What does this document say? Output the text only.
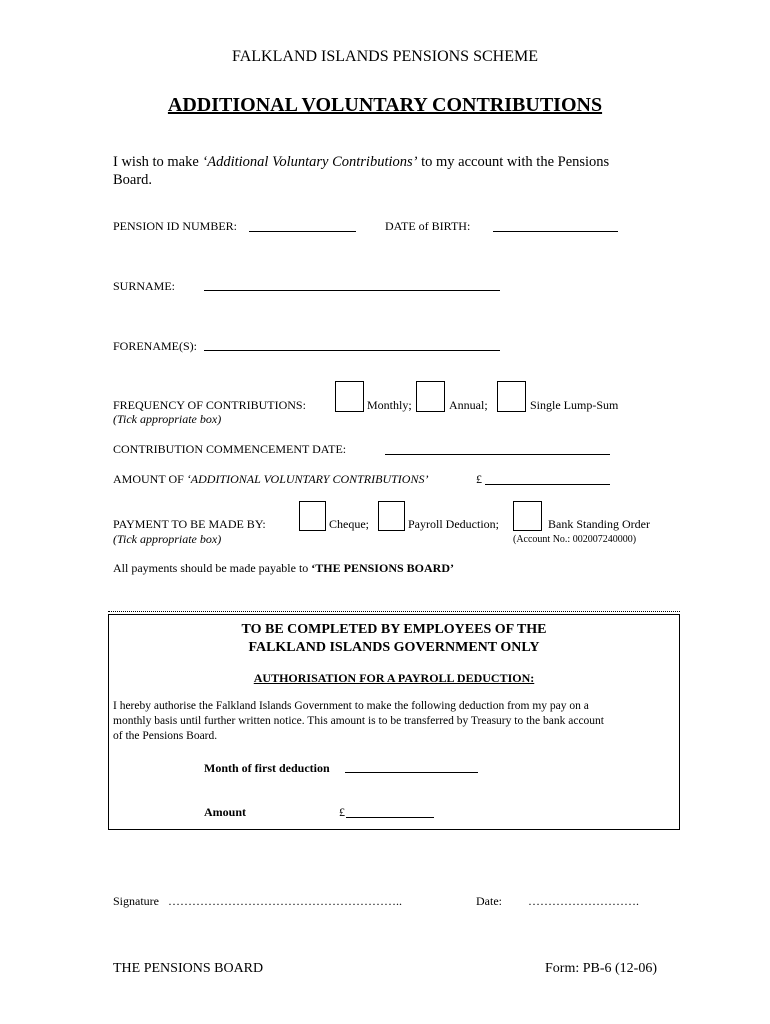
FALKLAND ISLANDS PENSIONS SCHEME
ADDITIONAL VOLUNTARY CONTRIBUTIONS
I wish to make ‘Additional Voluntary Contributions’ to my account with the Pensions
Board.
PENSION ID NUMBER:	DATE of BIRTH:
SURNAME:
FORENAME(S):
FREQUENCY OF CONTRIBUTIONS:
(Tick appropriate box)
Monthly;	Annual;	Single Lump-Sum
CONTRIBUTION COMMENCEMENT DATE:
AMOUNT OF ‘ADDITIONAL VOLUNTARY CONTRIBUTIONS’	£
PAYMENT TO BE MADE BY:
(Tick appropriate box)
Cheque;	Payroll Deduction;	Bank Standing Order
(Account No.: 002007240000)
All payments should be made payable to ‘THE PENSIONS BOARD’
TO BE COMPLETED BY EMPLOYEES OF THE
FALKLAND ISLANDS GOVERNMENT ONLY
AUTHORISATION FOR A PAYROLL DEDUCTION:
I hereby authorise the Falkland Islands Government to make the following deduction from my pay on a
monthly basis until further written notice. This amount is to be transferred by Treasury to the bank account
of the Pensions Board.
Month of first deduction
Amount	£
Signature …………………………………………………..	Date: ……………………….
THE PENSIONS BOARD	Form: PB-6 (12-06)
